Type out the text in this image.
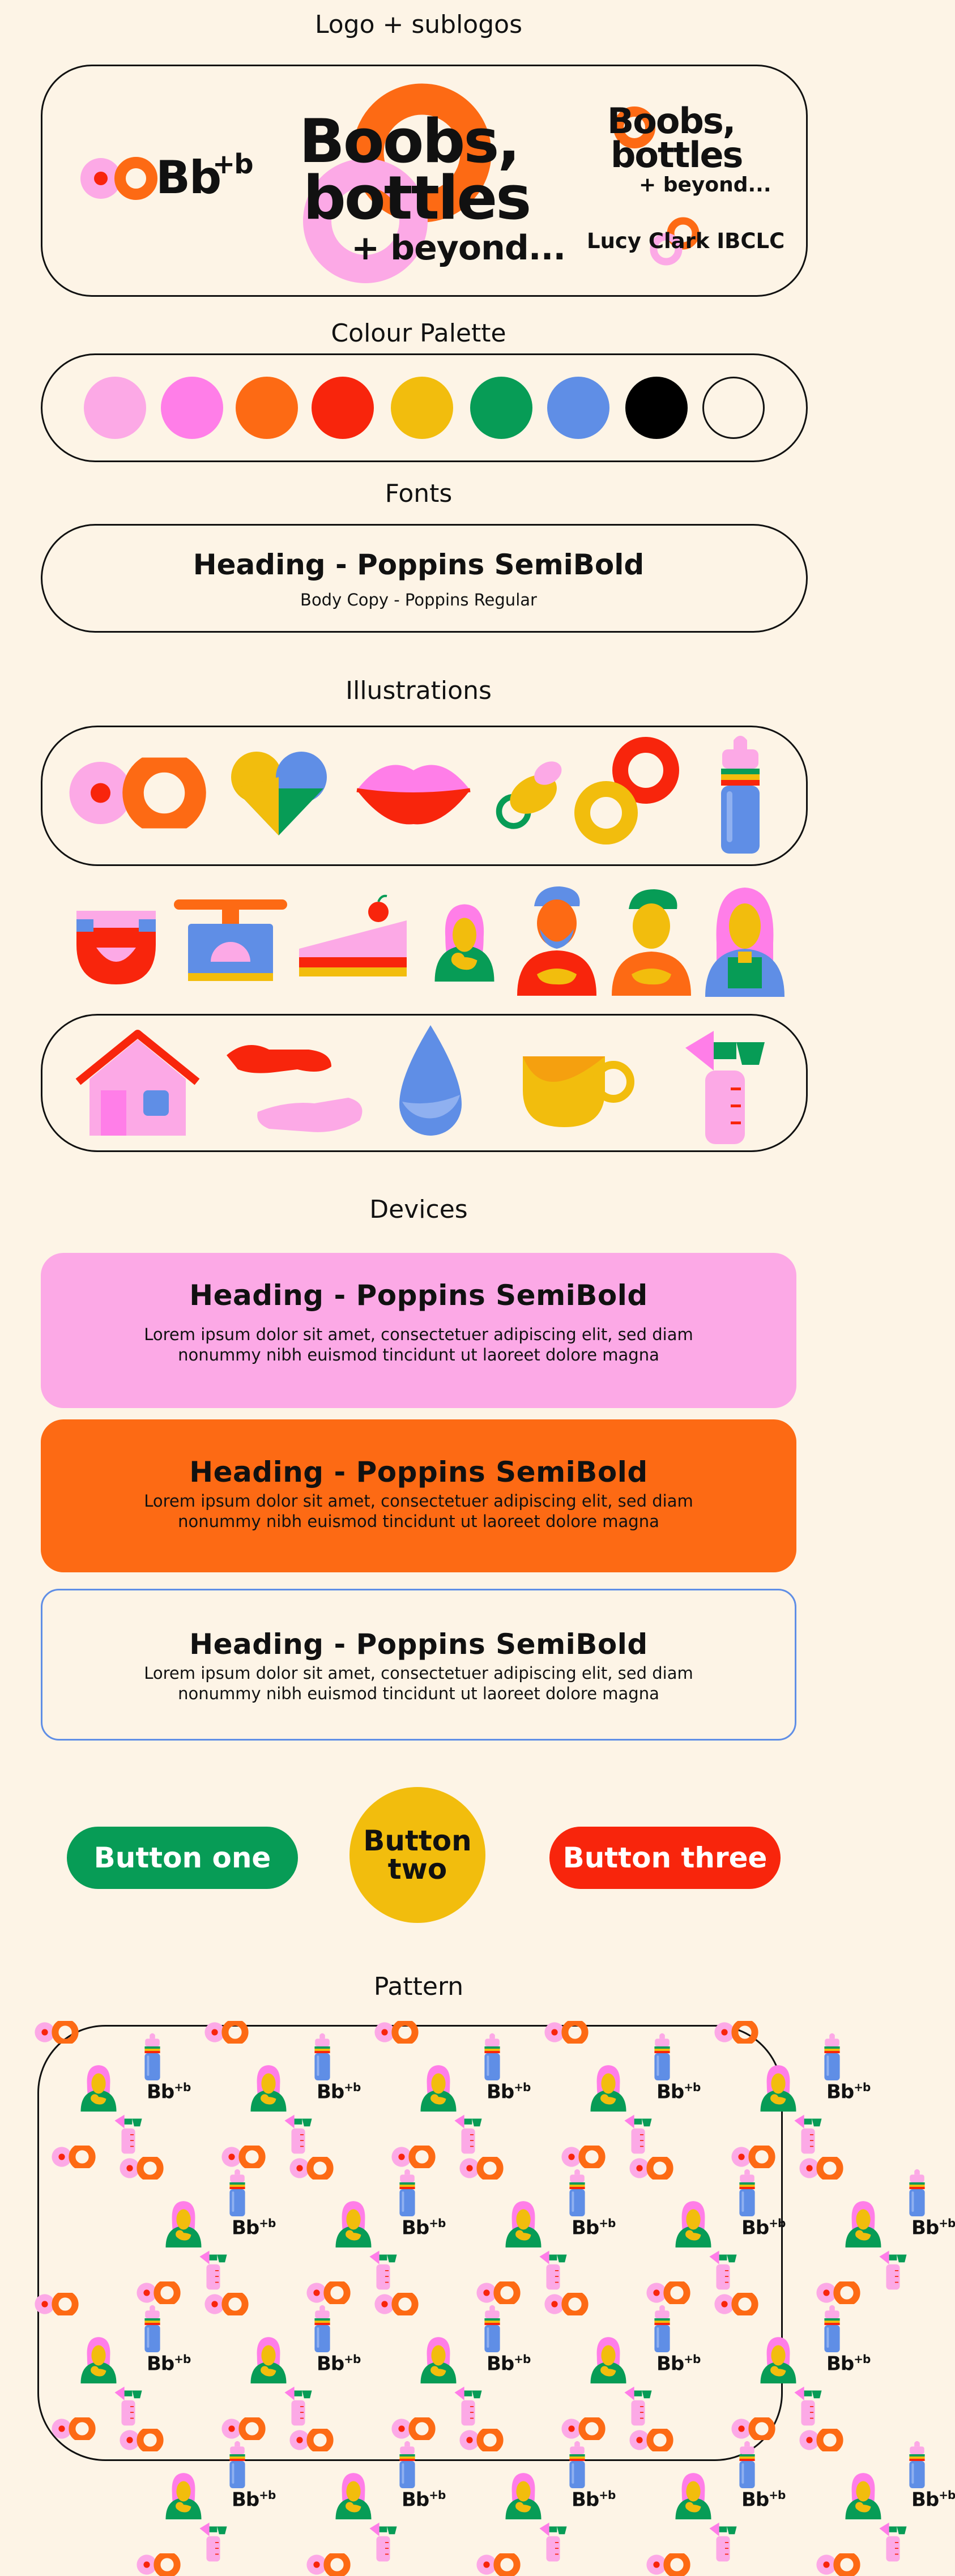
Logo + sublogos
Bb
+b Boobs,
bottles
+ beyond...
Boobs,
bottles
+ beyond...
Lucy Clark IBCLC
Colour Palette
Fonts
Heading - Poppins SemiBold
Body Copy - Poppins Regular
Illustrations
Devices
Heading - Poppins SemiBold

Lorem ipsum dolor sit amet, consectetuer adipiscing elit, sed diam

nonummy nibh euismod tincidunt ut laoreet dolore magna

Heading - Poppins SemiBold

Lorem ipsum dolor sit amet, consectetuer adipiscing elit, sed diam

nonummy nibh euismod tincidunt ut laoreet dolore magna

Heading - Poppins SemiBold

Lorem ipsum dolor sit amet, consectetuer adipiscing elit, sed diam

nonummy nibh euismod tincidunt ut laoreet dolore magna

Button one
Button
two	Button three
Pattern
$Bb^{+b}$	$Bb^{+b}$	$Bb^{+b}$	$Bb^{+b}$	$Bb^{+b}$
$Bb^{+b}$	$Bb^{+b}$	$Bb^{+b}$	$Bb^{+b}$	$Bb^{+b}$
$Bb^{+b}$	$Bb^{+b}$	$Bb^{+b}$	$Bb^{+b}$	$Bb^{+b}$
$Bb^{+b}$	$Bb^{+b}$	$Bb^{+b}$	$Bb^{+b}$	$Bb^{+b}$
